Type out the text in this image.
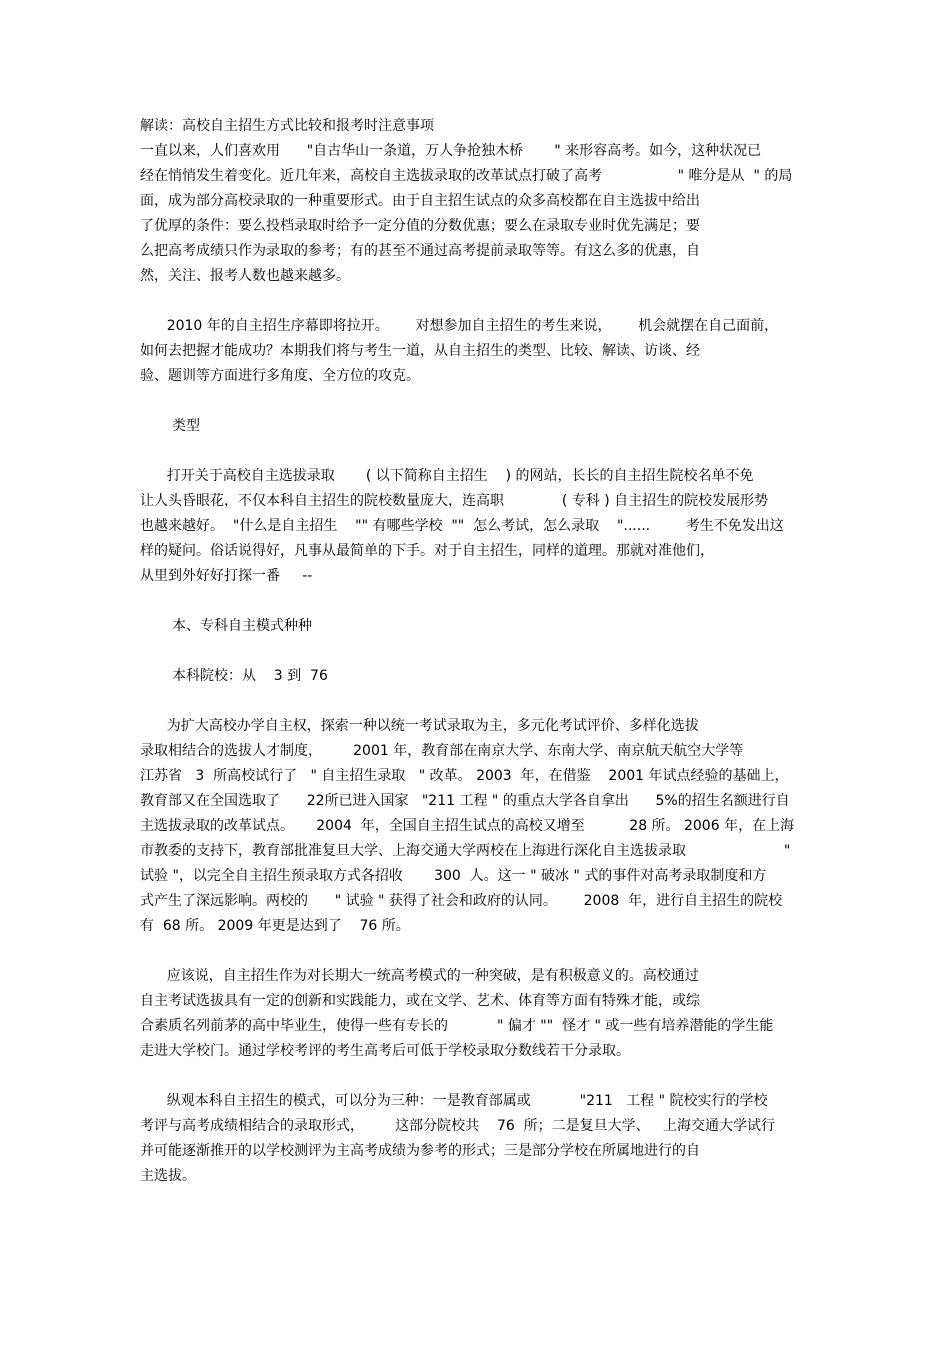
解读：高校自主招生方式比较和报考时注意事项
一直以来，人们喜欢用      "自古华山一条道，万人争抢独木桥       " 来形容高考。如今，这种状况已
经在悄悄发生着变化。近几年来，高校自主选拔录取的改革试点打破了高考                 " 唯分是从  " 的局
面，成为部分高校录取的一种重要形式。由于自主招生试点的众多高校都在自主选拔中给出
了优厚的条件：要么投档录取时给予一定分值的分数优惠；要么在录取专业时优先满足；要
么把高考成绩只作为录取的参考；有的甚至不通过高考提前录取等等。有这么多的优惠，自
然，关注、报考人数也越来越多。
2010 年的自主招生序幕即将拉开。      对想参加自主招生的考生来说，      机会就摆在自己面前，
如何去把握才能成功？本期我们将与考生一道，从自主招生的类型、比较、解读、访谈、经
验、题训等方面进行多角度、全方位的攻克。
类型
打开关于高校自主选拔录取       ( 以下简称自主招生    ) 的网站，长长的自主招生院校名单不免
让人头昏眼花，不仅本科自主招生的院校数量庞大，连高职             ( 专科 ) 自主招生的院校发展形势
也越来越好。  "什么是自主招生    "" 有哪些学校  ""  怎么考试，怎么录取    "......        考生不免发出这
样的疑问。俗话说得好，凡事从最简单的下手。对于自主招生，同样的道理。那就对准他们，
从里到外好好打探一番     --
本、专科自主模式种种
本科院校：从    3 到  76
为扩大高校办学自主权，探索一种以统一考试录取为主，多元化考试评价、多样化选拔
录取相结合的选拔人才制度，       2001 年，教育部在南京大学、东南大学、南京航天航空大学等
江苏省   3  所高校试行了   " 自主招生录取   " 改革。 2003  年，在借鉴    2001 年试点经验的基础上，
教育部又在全国选取了      22所已进入国家   "211 工程 " 的重点大学各自拿出      5%的招生名额进行自
主选拔录取的改革试点。     2004  年，全国自主招生试点的高校又增至          28 所。 2006 年，在上海
市教委的支持下，教育部批准复旦大学、上海交通大学两校在上海进行深化自主选拔录取                      "
试验 "，以完全自主招生预录取方式各招收       300  人。这一 " 破冰 " 式的事件对高考录取制度和方
式产生了深远影响。两校的      " 试验 " 获得了社会和政府的认同。      2008  年，进行自主招生的院校
有  68 所。 2009 年更是达到了    76 所。
应该说，自主招生作为对长期大一统高考模式的一种突破，是有积极意义的。高校通过
自主考试选拔具有一定的创新和实践能力，或在文学、艺术、体育等方面有特殊才能，或综
合素质名列前茅的高中毕业生，使得一些有专长的           " 偏才 ""  怪才 " 或一些有培养潜能的学生能
走进大学校门。通过学校考评的考生高考后可低于学校录取分数线若干分录取。
纵观本科自主招生的模式，可以分为三种：一是教育部属或           "211   工程 " 院校实行的学校
考评与高考成绩相结合的录取形式，       这部分院校共    76  所；二是复旦大学、   上海交通大学试行
并可能逐渐推开的以学校测评为主高考成绩为参考的形式；三是部分学校在所属地进行的自
主选拔。
